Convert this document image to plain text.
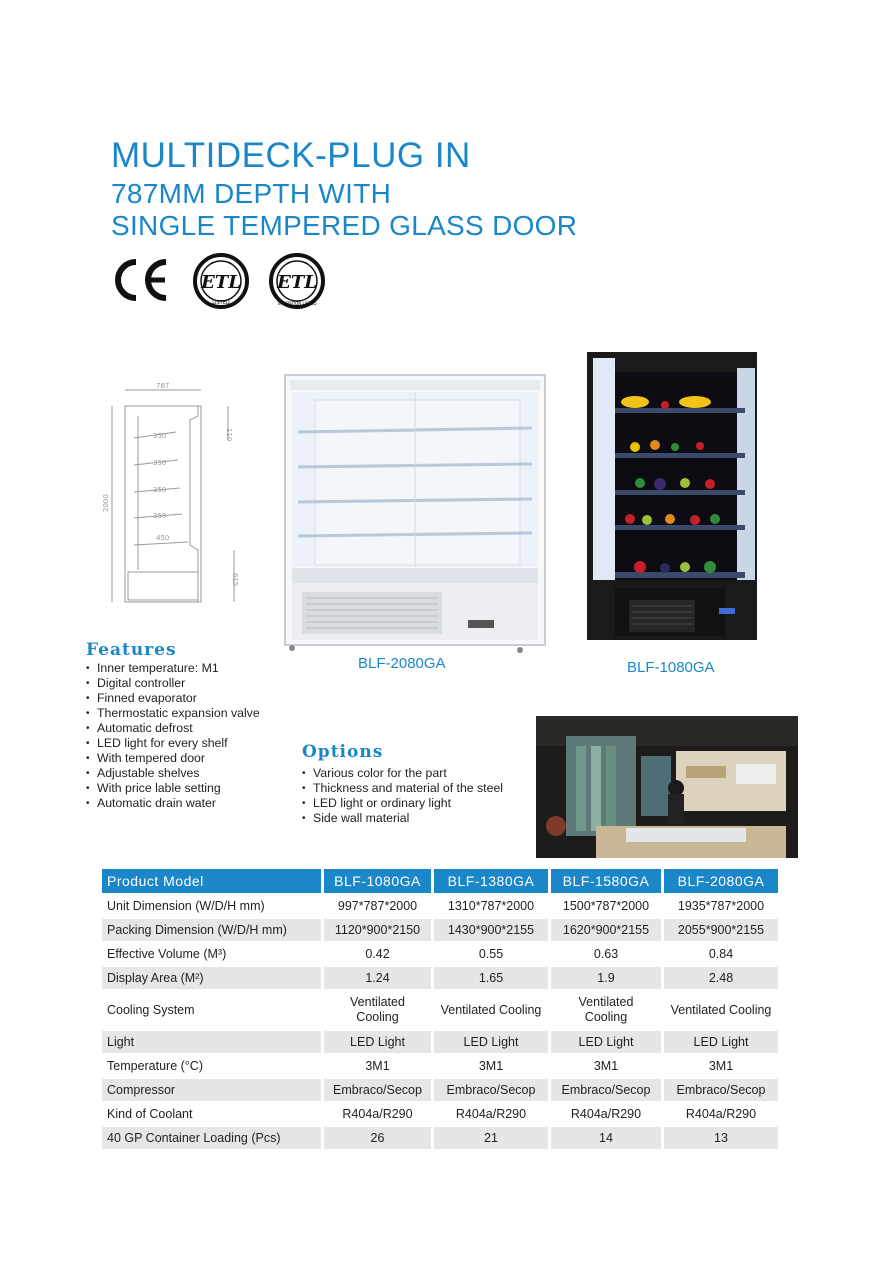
MULTIDECK-PLUG IN
787MM DEPTH WITH
SINGLE TEMPERED GLASS DOOR
ETL
LISTED
ETL
SANITATION LISTED
787
2000
110
615
350
350
350
350
450
BLF-2080GA	BLF-1080GA
Features
• Inner temperature: M1
• Digital controller
• Finned evaporator
• Thermostatic expansion valve
• Automatic defrost
• LED light for every shelf
• With tempered door
• Adjustable shelves
• With price lable setting
• Automatic drain water
Options
• Various color for the part
• Thickness and material of the steel
• LED light or ordinary light
• Side wall material
Product Model	BLF-1080GA	BLF-1380GA	BLF-1580GA	BLF-2080GA
Unit Dimension (W/D/H mm)	997*787*2000	1310*787*2000	1500*787*2000	1935*787*2000
Packing Dimension (W/D/H mm)	1120*900*2150	1430*900*2155	1620*900*2155	2055*900*2155
Effective Volume (M³)	0.42	0.55	0.63	0.84
Display Area (M²)	1.24	1.65	1.9	2.48
Cooling System	Ventilated Cooling	Ventilated Cooling	Ventilated Cooling	Ventilated Cooling
Light	LED Light	LED Light	LED Light	LED Light
Temperature (°C)	3M1	3M1	3M1	3M1
Compressor	Embraco/Secop	Embraco/Secop	Embraco/Secop	Embraco/Secop
Kind of Coolant	R404a/R290	R404a/R290	R404a/R290	R404a/R290
40 GP Container Loading (Pcs)	26	21	14	13
